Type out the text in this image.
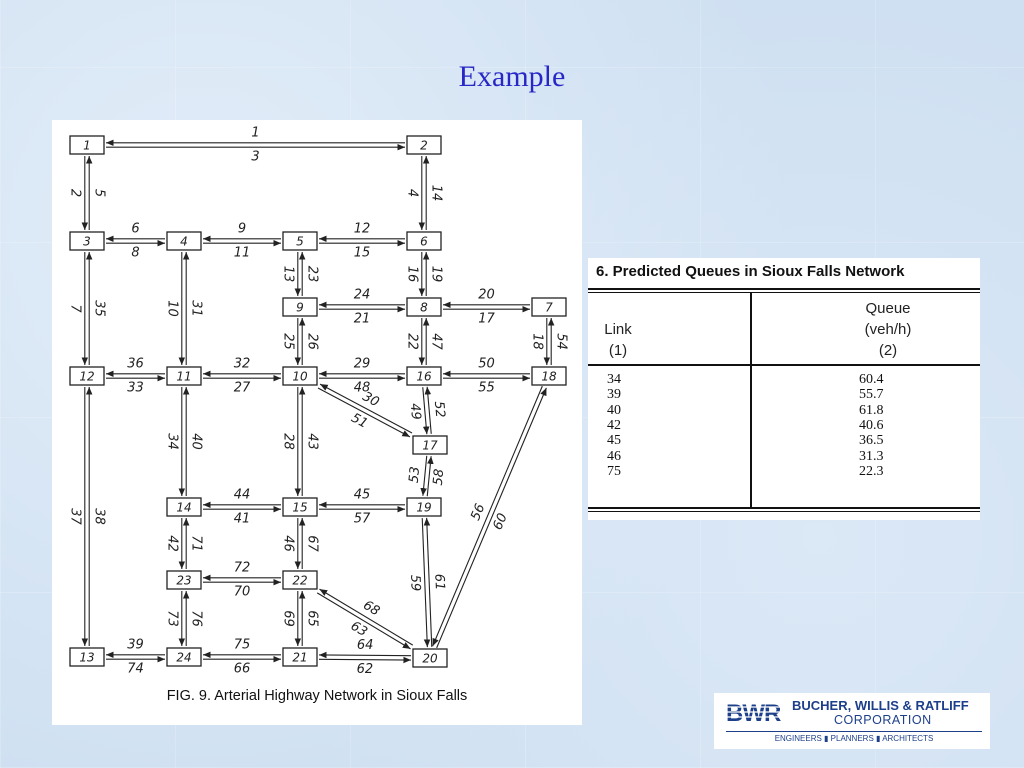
Example
3
1
2 5	4 14
8
6
11
9
15
12
7 35	10 31
13 23	16 19
21
24
17
20
25 26	22 47	18 54
33
36
27
32
48
29
55
50
51
30
49 52
37 38
34 40	28 43
53 58
41
44
57
45
56 60
42 71	46 67
59 61
70
72
63
68
73 76	69 65
74
39
66
75
62
64
1	2
3	4	5	6
7
8
9
10
11
12
13
14	15
16
17
18
19
20
21
22
23
24
FIG. 9. Arterial Highway Network in Sioux Falls
6. Predicted Queues in Sioux Falls Network
Link
(1)
Queue
(veh/h)
(2)
34	60.4
39	55.7
40	61.8
42	40.6
45	36.5
46	31.3
75	22.3
BWR BUCHER, WILLIS & RATLIFF
CORPORATION
ENGINEERS ▮ PLANNERS ▮ ARCHITECTS
